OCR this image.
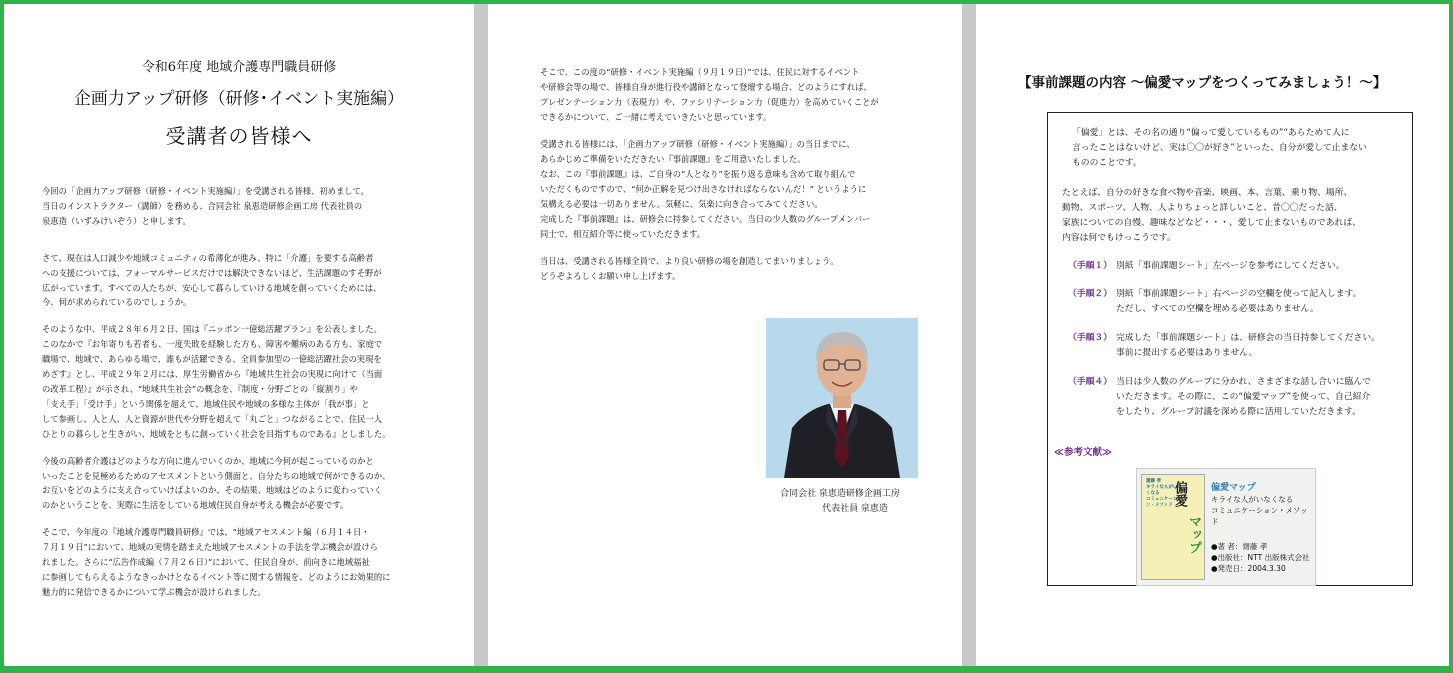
令和6年度 地域介護専門職員研修
企画力アップ研修（研修･イベント実施編）
受講者の皆様へ

今回の「企画力アップ研修（研修・イベント実施編）」を受講される皆様、初めまして。
当日のインストラクター（講師）を務める、合同会社 泉恵造研修企画工房 代表社員の
泉恵造（いずみけいぞう）と申します。

さて、現在は人口減少や地域コミュニティの希薄化が進み、特に「介護」を要する高齢者
への支援については、フォーマルサービスだけでは解決できないほど、生活課題のすそ野が
広がっています。すべての人たちが、安心して暮らしていける地域を創っていくためには、
今、何が求められているのでしょうか。

そのような中、平成２８年６月２日、国は『ニッポン一億総活躍プラン』を公表しました。
このなかで『お年寄りも若者も、一度失敗を経験した方も、障害や難病のある方も、家庭で
職場で、地域で、あらゆる場で、誰もが活躍できる、全員参加型の一億総活躍社会の実現を
めざす』とし、平成２９年２月には、厚生労働省から『地域共生社会の実現に向けて（当面
の改革工程）』が示され、“地域共生社会”の概念を、『制度・分野ごとの「縦割り」や
「支え手」「受け手」という関係を超えて、地域住民や地域の多様な主体が「我が事」と
して参画し、人と人、人と資源が世代や分野を超えて「丸ごと」つながることで、住民一人
ひとりの暮らしと生きがい、地域をともに創っていく社会を目指すものである』としました。

今後の高齢者介護はどのような方向に進んでいくのか、地域に今何が起こっているのかと
いったことを見極めるためのアセスメントという側面と、自分たちの地域で何ができるのか、
お互いをどのように支え合っていけばよいのか、その結果、地域はどのように変わっていく
のかということを、実際に生活をしている地域住民自身が考える機会が必要です。

そこで、今年度の『地域介護専門職員研修』では、“地域アセスメント編（６月１４日・
７月１９日”において、地域の実情を踏まえた地域アセスメントの手法を学ぶ機会が設けら
れました。さらに“広告作成編（７月２６日）”において、住民自身が、前向きに地域福祉
に参画してもらえるようなきっかけとなるイベント等に関する情報を、どのようにお効果的に
魅力的に発信できるかについて学ぶ機会が設けられました。

そこで、この度の“研修・イベント実施編（９月１９日）”では、住民に対するイベント
や研修会等の場で、皆様自身が進行役や講師となって登壇する場合、どのようにすれば、
プレゼンテーション力（表現力）や、ファシリテーション力（促進力）を高めていくことが
できるかについて、ご一緒に考えていきたいと思っています。

受講される皆様には、「企画力アップ研修（研修・イベント実施編）」の当日までに、
あらかじめご準備をいただきたい『事前課題』をご用意いたしました。
なお、この『事前課題』は、ご自身の“人となり”を振り返る意味も含めて取り組んで
いただくものですので、“何か正解を見つけ出さなければならないんだ！” というように
気構える必要は一切ありません。気軽に、気楽に向き合ってみてください。
完成した『事前課題』は、研修会に持参してください。当日の少人数のグループメンバー
同士で、相互紹介等に使っていただきます。

当日は、受講される皆様全員で、より良い研修の場を創造してまいりましょう。
どうぞよろしくお願い申し上げます。

合同会社 泉恵造研修企画工房
代表社員 泉恵造
【事前課題の内容 ～偏愛マップをつくってみましょう！～】
「偏愛」とは、その名の通り“偏って愛しているもの”“あらためて人に
言ったことはないけど、実は〇〇が好き”といった、自分が愛して止まない
もののことです。
たとえば、自分の好きな食べ物や音楽、映画、本、言葉、乗り物、場所、
動物、スポーツ、人物、人よりちょっと詳しいこと、昔〇〇だった話、
家族についての自慢、趣味などなど・・・、愛して止まないものであれば、
内容は何でもけっこうです。
（手順１） 別紙「事前課題シート」左ページを参考にしてください。
（手順２） 別紙「事前課題シート」右ページの空欄を使って記入します。
ただし、すべての空欄を埋める必要はありません。
（手順３） 完成した「事前課題シート」は、研修会の当日持参してください。
事前に提出する必要はありません。
（手順４） 当日は少人数のグループに分かれ、さまざまな話し合いに臨んで
いただきます。その際に、この“偏愛マップ”を使って、自己紹介
をしたり、グループ討議を深める際に活用していただきます。
≪参考文献≫
齋藤 孝
キライな人がいなくなる
コミュニケーション・メソッド 偏愛
マップ
偏愛マップ
キライな人がいなくなる
コミュニケーション・メソッド
●著 者：齋藤 孝
●出版社：NTT 出版株式会社
●発売日：2004.3.30
